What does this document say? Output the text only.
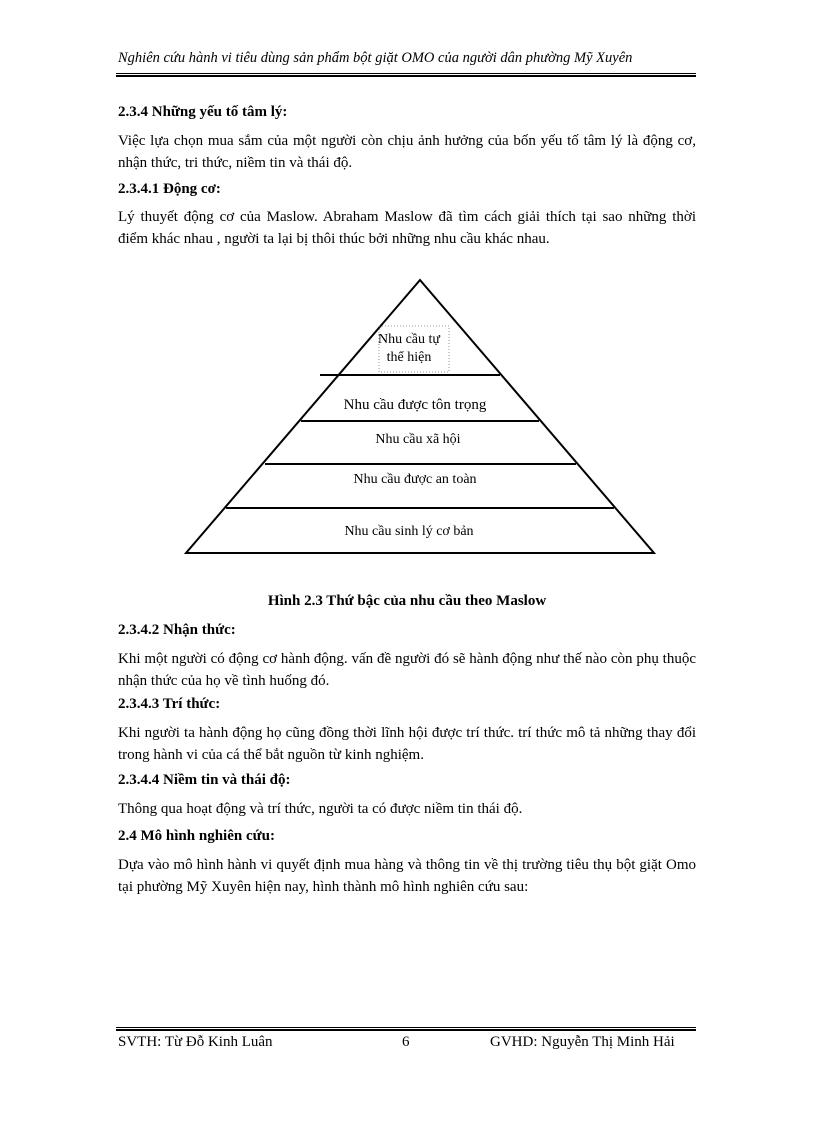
Nghiên cứu hành vi tiêu dùng sản phẩm bột giặt OMO của người dân phường Mỹ Xuyên
2.3.4 Những yếu tố tâm lý:
Việc lựa chọn mua sắm của một người còn chịu ảnh hưởng của bốn yếu tố tâm lý là động cơ, nhận thức, tri thức, niềm tin và thái độ.
2.3.4.1 Động cơ:
Lý thuyết động cơ của Maslow. Abraham Maslow đã tìm cách giải thích tại sao những thời điểm khác nhau , người ta lại bị thôi thúc bởi những nhu cầu khác nhau.
Nhu cầu tự
thể hiện
Nhu cầu được tôn trọng
Nhu cầu xã hội
Nhu cầu được an toàn
Nhu cầu sinh lý cơ bản
Hình 2.3 Thứ bậc của nhu cầu theo Maslow
2.3.4.2 Nhận thức:
Khi một người có động cơ hành động. vấn đề người đó sẽ hành động như thế nào còn phụ thuộc nhận thức của họ về tình huống đó.
2.3.4.3 Trí thức:
Khi người ta hành động họ cũng đồng thời lĩnh hội được trí thức. trí thức mô tả những thay đổi trong hành vi của cá thể bắt nguồn từ kinh nghiệm.
2.3.4.4 Niềm tin và thái độ:
Thông qua hoạt động và trí thức, người ta có được niềm tin thái độ.
2.4 Mô hình nghiên cứu:
Dựa vào mô hình hành vi quyết định mua hàng và thông tin về thị trường tiêu thụ bột giặt Omo tại phường Mỹ Xuyên hiện nay, hình thành mô hình nghiên cứu sau:
SVTH: Từ Đỗ Kinh Luân	6	GVHD: Nguyễn Thị Minh Hải
